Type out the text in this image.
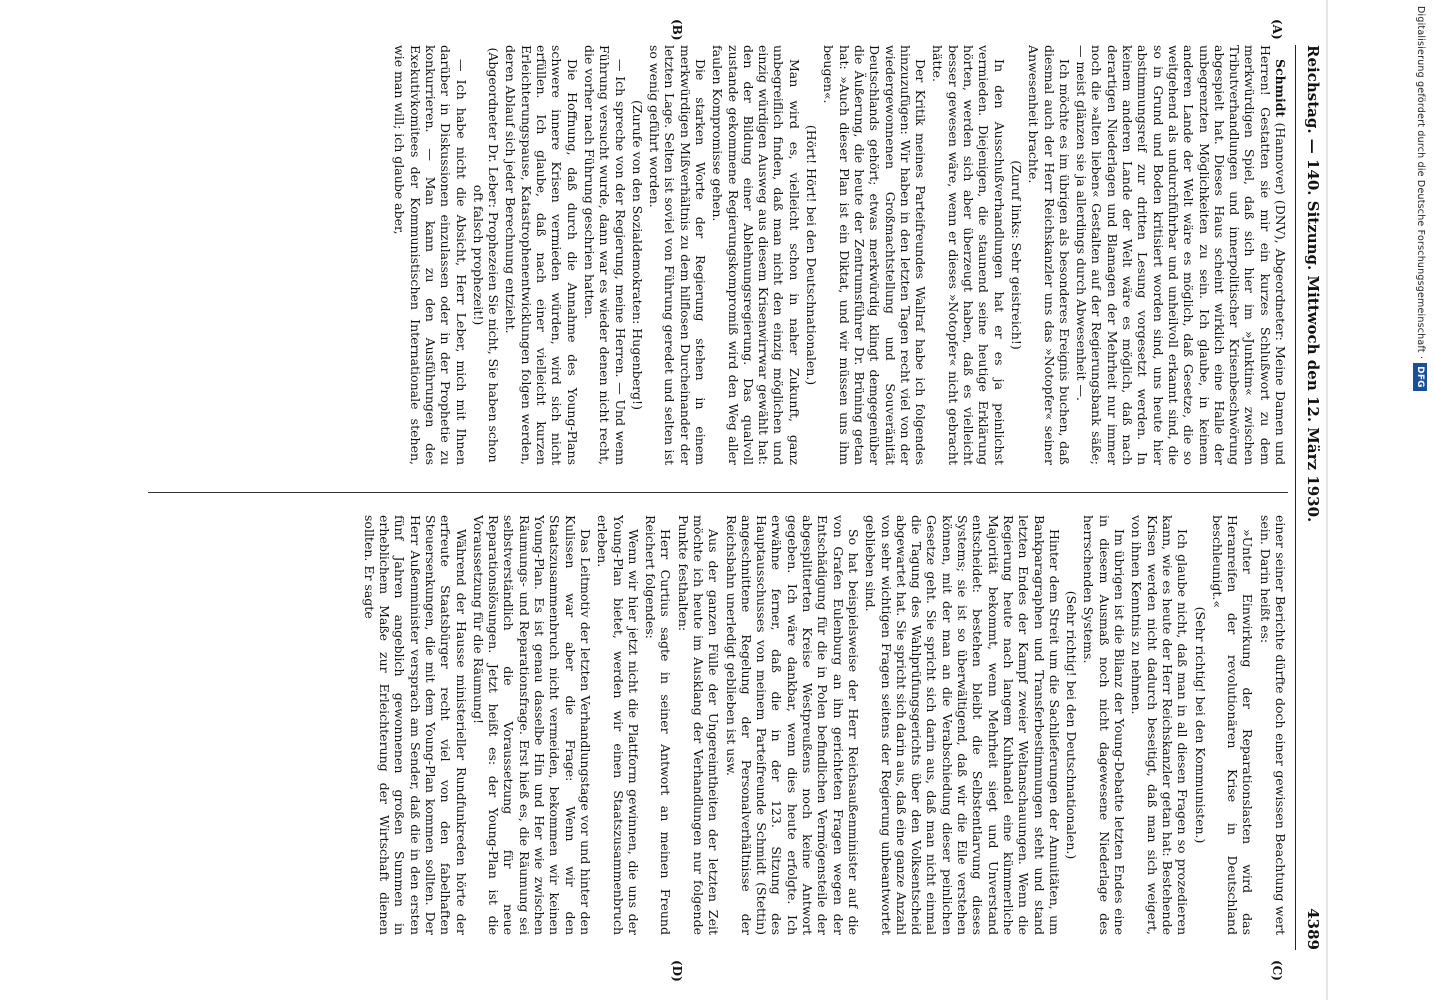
Reichstag. — 140. Sitzung. Mittwoch den 12. März 1930.
4389
(A)
(B)
(C)
(D)

Schmidt (Hannover) (DNV), Abgeordneter: Meine Damen und Herren! Gestatten sie mir ein kurzes Schlußwort zu dem merkwürdigen Spiel, daß sich hier im »Junktim« zwischen Tributverhandlungen und innerpolitischer Krisenbeschwörung abgespielt hat. Dieses Haus scheint wirklich eine Halle der unbegrenzten Möglichkeiten zu sein. Ich glaube, in keinem anderen Lande der Welt wäre es möglich, daß Gesetze, die so weitgehend als undurchführbar und unheilvoll erkannt sind, die so in Grund und Boden kritisiert worden sind, uns heute hier abstimmungsreif zur dritten Lesung vorgesetzt werden. In keinem anderen Lande der Welt wäre es möglich, daß nach derartigen Niederlagen und Blamagen der Mehrheit nur immer noch die »alten lieben« Gestalten auf der Regierungsbank säße; — meist glänzen sie ja allerdings durch Abwesenheit —.

Ich möchte es im übrigen als besonderes Ereignis buchen, daß diesmal auch der Herr Reichskanzler uns das »Notopfer« seiner Anwesenheit brachte.

(Zuruf links: Sehr geistreich!)

In den Ausschußverhandlungen hat er es ja peinlichst vermieden. Diejenigen, die staunend seine heutige Erklärung hörten, werden sich aber überzeugt haben, daß es vielleicht besser gewesen wäre, wenn er dieses »Notopfer« nicht gebracht hätte.

Der Kritik meines Parteifreundes Wallraf habe ich folgendes hinzuzufügen: Wir haben in den letzten Tagen recht viel von der wiedergewonnenen Großmachtstellung und Souveränität Deutschlands gehört; etwas merkwürdig klingt demgegenüber die Äußerung, die heute der Zentrumsführer Dr. Brüning getan hat: »Auch dieser Plan ist ein Diktat, und wir müssen uns ihm beugen«.

(Hört! Hört! bei den Deutschnationalen.)

Man wird es, vielleicht schon in naher Zukunft, ganz unbegreiflich finden, daß man nicht den einzig möglichen und einzig würdigen Ausweg aus diesem Krisenwirrwar gewählt hat: den der Bildung einer Ablehnungsregierung. Das qualvoll zustande gekommene Regierungskompromiß wird den Weg aller faulen Kompromisse gehen.

Die starken Worte der Regierung stehen in einem merkwürdigen Mißverhältnis zu dem hilflosen Durcheinander der letzten Lage. Selten ist soviel von Führung geredet und selten ist so wenig geführt worden.

(Zurufe von den Sozialdemokraten: Hugenberg!)

— Ich spreche von der Regierung, meine Herren. — Und wenn Führung versucht wurde, dann war es wieder denen nicht recht, die vorher nach Führung geschrien hatten.

Die Hoffnung, daß durch die Annahme des Young-Plans schwere innere Krisen vermieden würden, wird sich nicht erfüllen. Ich glaube, daß nach einer vielleicht kurzen Erleichterungspause, Katastrophenentwicklungen folgen werden, deren Ablauf sich jeder Berechnung entzieht.

(Abgeordneter Dr. Leber: Prophezeien Sie nicht, Sie haben schon oft falsch prophezeit!)

— Ich habe nicht die Absicht, Herr Leber, mich mit Ihnen darüber in Diskussionen einzulassen oder in der Prophetie zu konkurrieren. — Man kann zu den Ausführungen des Exekutivkomitees der Kommunistischen Internationale stehen, wie man will; ich glaube aber,

einer seiner Berichte dürfte doch einer gewissen Beachtung wert sein. Darin heißt es:

»Unter Einwirkung der Reparationslasten wird das Heranreifen der revolutionären Krise in Deutschland beschleunigt.«

(Sehr richtig! bei den Kommunisten.)

Ich glaube nicht, daß man in all diesen Fragen so prozedieren kann, wie es heute der Herr Reichskanzler getan hat: Bestehende Krisen werden nicht dadurch beseitigt, daß man sich weigert, von ihnen Kenntnis zu nehmen.

Im übrigen ist die Bilanz der Young-Debatte letzten Endes eine in diesem Ausmaß noch nicht dagewesene Niederlage des herrschenden Systems.

(Sehr richtig! bei den Deutschnationalen.)

Hinter dem Streit um die Sachlieferungen der Annuitäten, um Bankparagraphen und Transferbestimmungen steht und stand letzten Endes der Kampf zweier Weltanschauungen. Wenn die Regierung heute nach langem Kuhhandel eine kümmerliche Majorität bekommt, wenn Mehrheit siegt und Unverstand entscheidet: bestehen bleibt die Selbstentlarvung dieses Systems; sie ist so überwältigend, daß wir die Eile verstehen können, mit der man an die Verabschiedung dieser peinlichen Gesetze geht. Sie spricht sich darin aus, daß man nicht einmal die Tagung des Wahlprüfungsgerichts über den Volksentscheid abgewartet hat. Sie spricht sich darin aus, daß eine ganze Anzahl von sehr wichtigen Fragen seitens der Regierung unbeantwortet geblieben sind.

So hat beispielsweise der Herr Reichsaußenminister auf die von Grafen Eulenburg an ihn gerichteten Fragen wegen der Entschädigung für die in Polen befindlichen Vermögensteile der abgesplitterten Kreise Westpreußens noch keine Antwort gegeben. Ich wäre dankbar, wenn dies heute erfolgte. Ich erwähne ferner, daß die in der 123. Sitzung des Hauptausschusses von meinem Parteifreunde Schmidt (Stettin) angeschnittene Regelung der Personalverhältnisse der Reichsbahn unerledigt geblieben ist usw.

Aus der ganzen Fülle der Ungereimtheiten der letzten Zeit möchte ich heute im Ausklang der Verhandlungen nur folgende Punkte festhalten:

Herr Curtius sagte in seiner Antwort an meinen Freund Reichert folgendes:

Wenn wir hier jetzt nicht die Plattform gewinnen, die uns der Young-Plan bietet, werden wir einen Staatszusammenbruch erleben.

Das Leitmotiv der letzten Verhandlungstage vor und hinter den Kulissen war aber die Frage: Wenn wir den Staatszusammenbruch nicht vermeiden, bekommen wir keinen Young-Plan. Es ist genau dasselbe Hin und Her wie zwischen Räumungs- und Reparationsfrage. Erst hieß es, die Räumung sei selbstverständlich die Voraussetzung für neue Reparationslösungen. Jetzt heißt es: der Young-Plan ist die Voraussetzung für die Räumung!

Während der Hausse ministerieller Rundfunkreden hörte der erfreute Staatsbürger recht viel von den fabelhaften Steuersenkungen, die mit dem Young-Plan kommen sollten. Der Herr Außenminister versprach am Sender, daß die in den ersten fünf Jahren angeblich gewonnenen großen Summen in erheblichem Maße zur Erleichterung der Wirtschaft dienen sollten. Er sagte

Digitalisierung gefördert durch die Deutsche Forschungsgemeinschaft ·DFG
